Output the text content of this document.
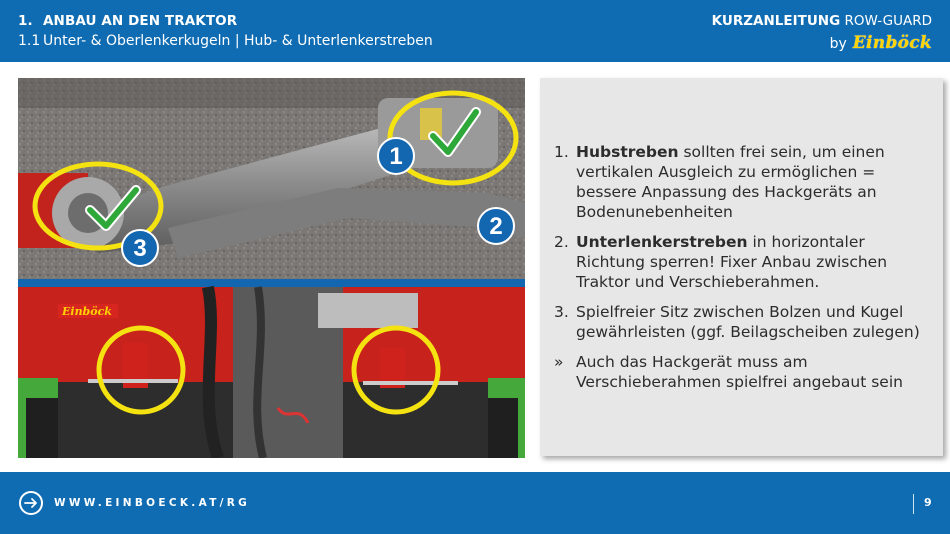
1. ANBAU AN DEN TRAKTOR
1.1 Unter- & Oberlenkerkugeln | Hub- & Unterlenkerstreben
KURZANLEITUNG ROW-GUARD
by Einböck
1
2
3
Einböck
1. Hubstreben sollten frei sein, um einen vertikalen Ausgleich zu ermöglichen = bessere Anpassung des Hackgeräts an Bodenunebenheiten
2. Unterlenkerstreben in horizontaler Richtung sperren! Fixer Anbau zwischen Traktor und Verschieberahmen.
3. Spielfreier Sitz zwischen Bolzen und Kugel gewährleisten (ggf. Beilagscheiben zulegen)
» Auch das Hackgerät muss am Verschieberahmen spielfrei angebaut sein
WWW.EINBOECK.AT/RG	9
